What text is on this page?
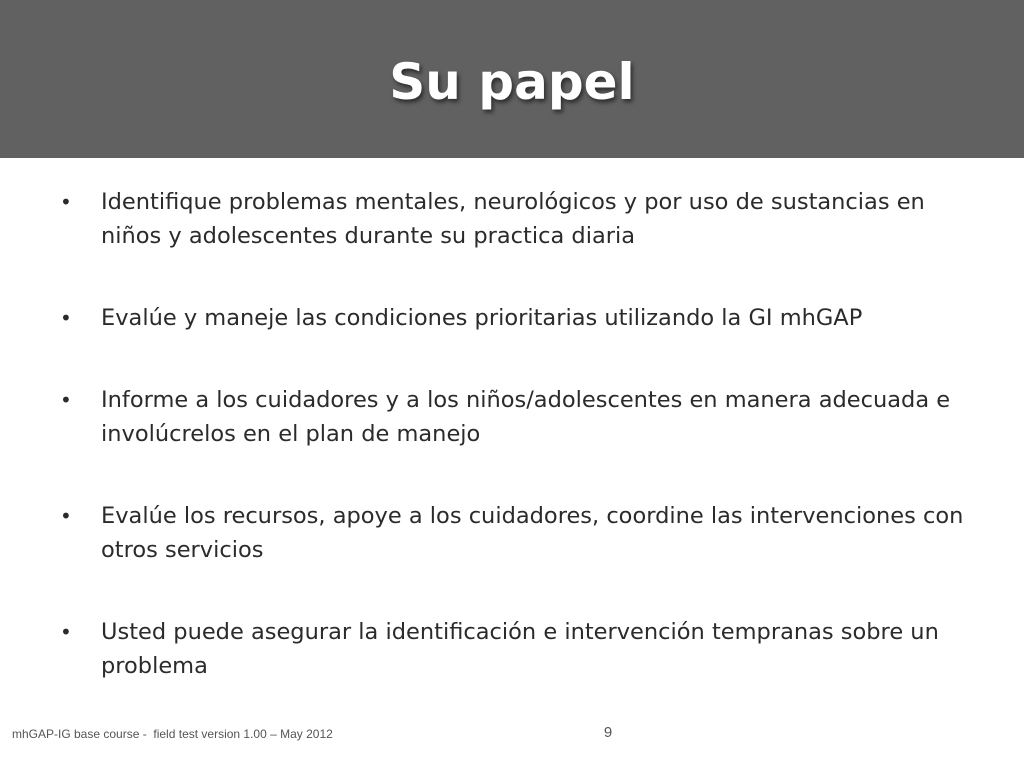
Su papel
• Identifique problemas mentales, neurológicos y por uso de sustancias en niños y adolescentes durante su practica diaria
• Evalúe y maneje las condiciones prioritarias utilizando la GI mhGAP
• Informe a los cuidadores y a los niños/adolescentes en manera adecuada e involúcrelos en el plan de manejo
• Evalúe los recursos, apoye a los cuidadores, coordine las intervenciones con otros servicios
• Usted puede asegurar la identificación e intervención tempranas sobre un problema
mhGAP-IG base course -  field test version 1.00 – May 2012	9
